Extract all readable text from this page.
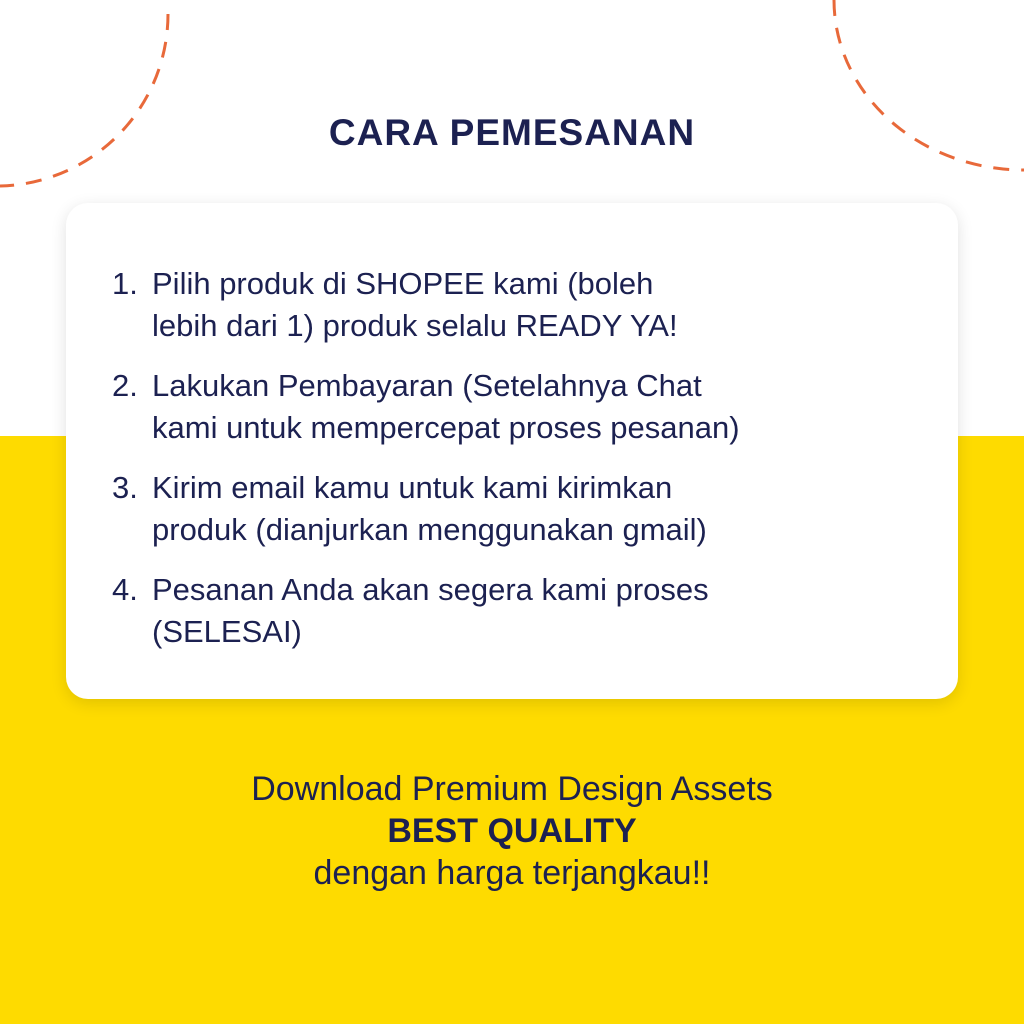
CARA PEMESANAN
1. Pilih produk di SHOPEE kami (boleh
lebih dari 1) produk selalu READY YA!
2. Lakukan Pembayaran (Setelahnya Chat
kami untuk mempercepat proses pesanan)
3. Kirim email kamu untuk kami kirimkan
produk (dianjurkan menggunakan gmail)
4. Pesanan Anda akan segera kami proses
(SELESAI)
Download Premium Design Assets
BEST QUALITY
dengan harga terjangkau!!
